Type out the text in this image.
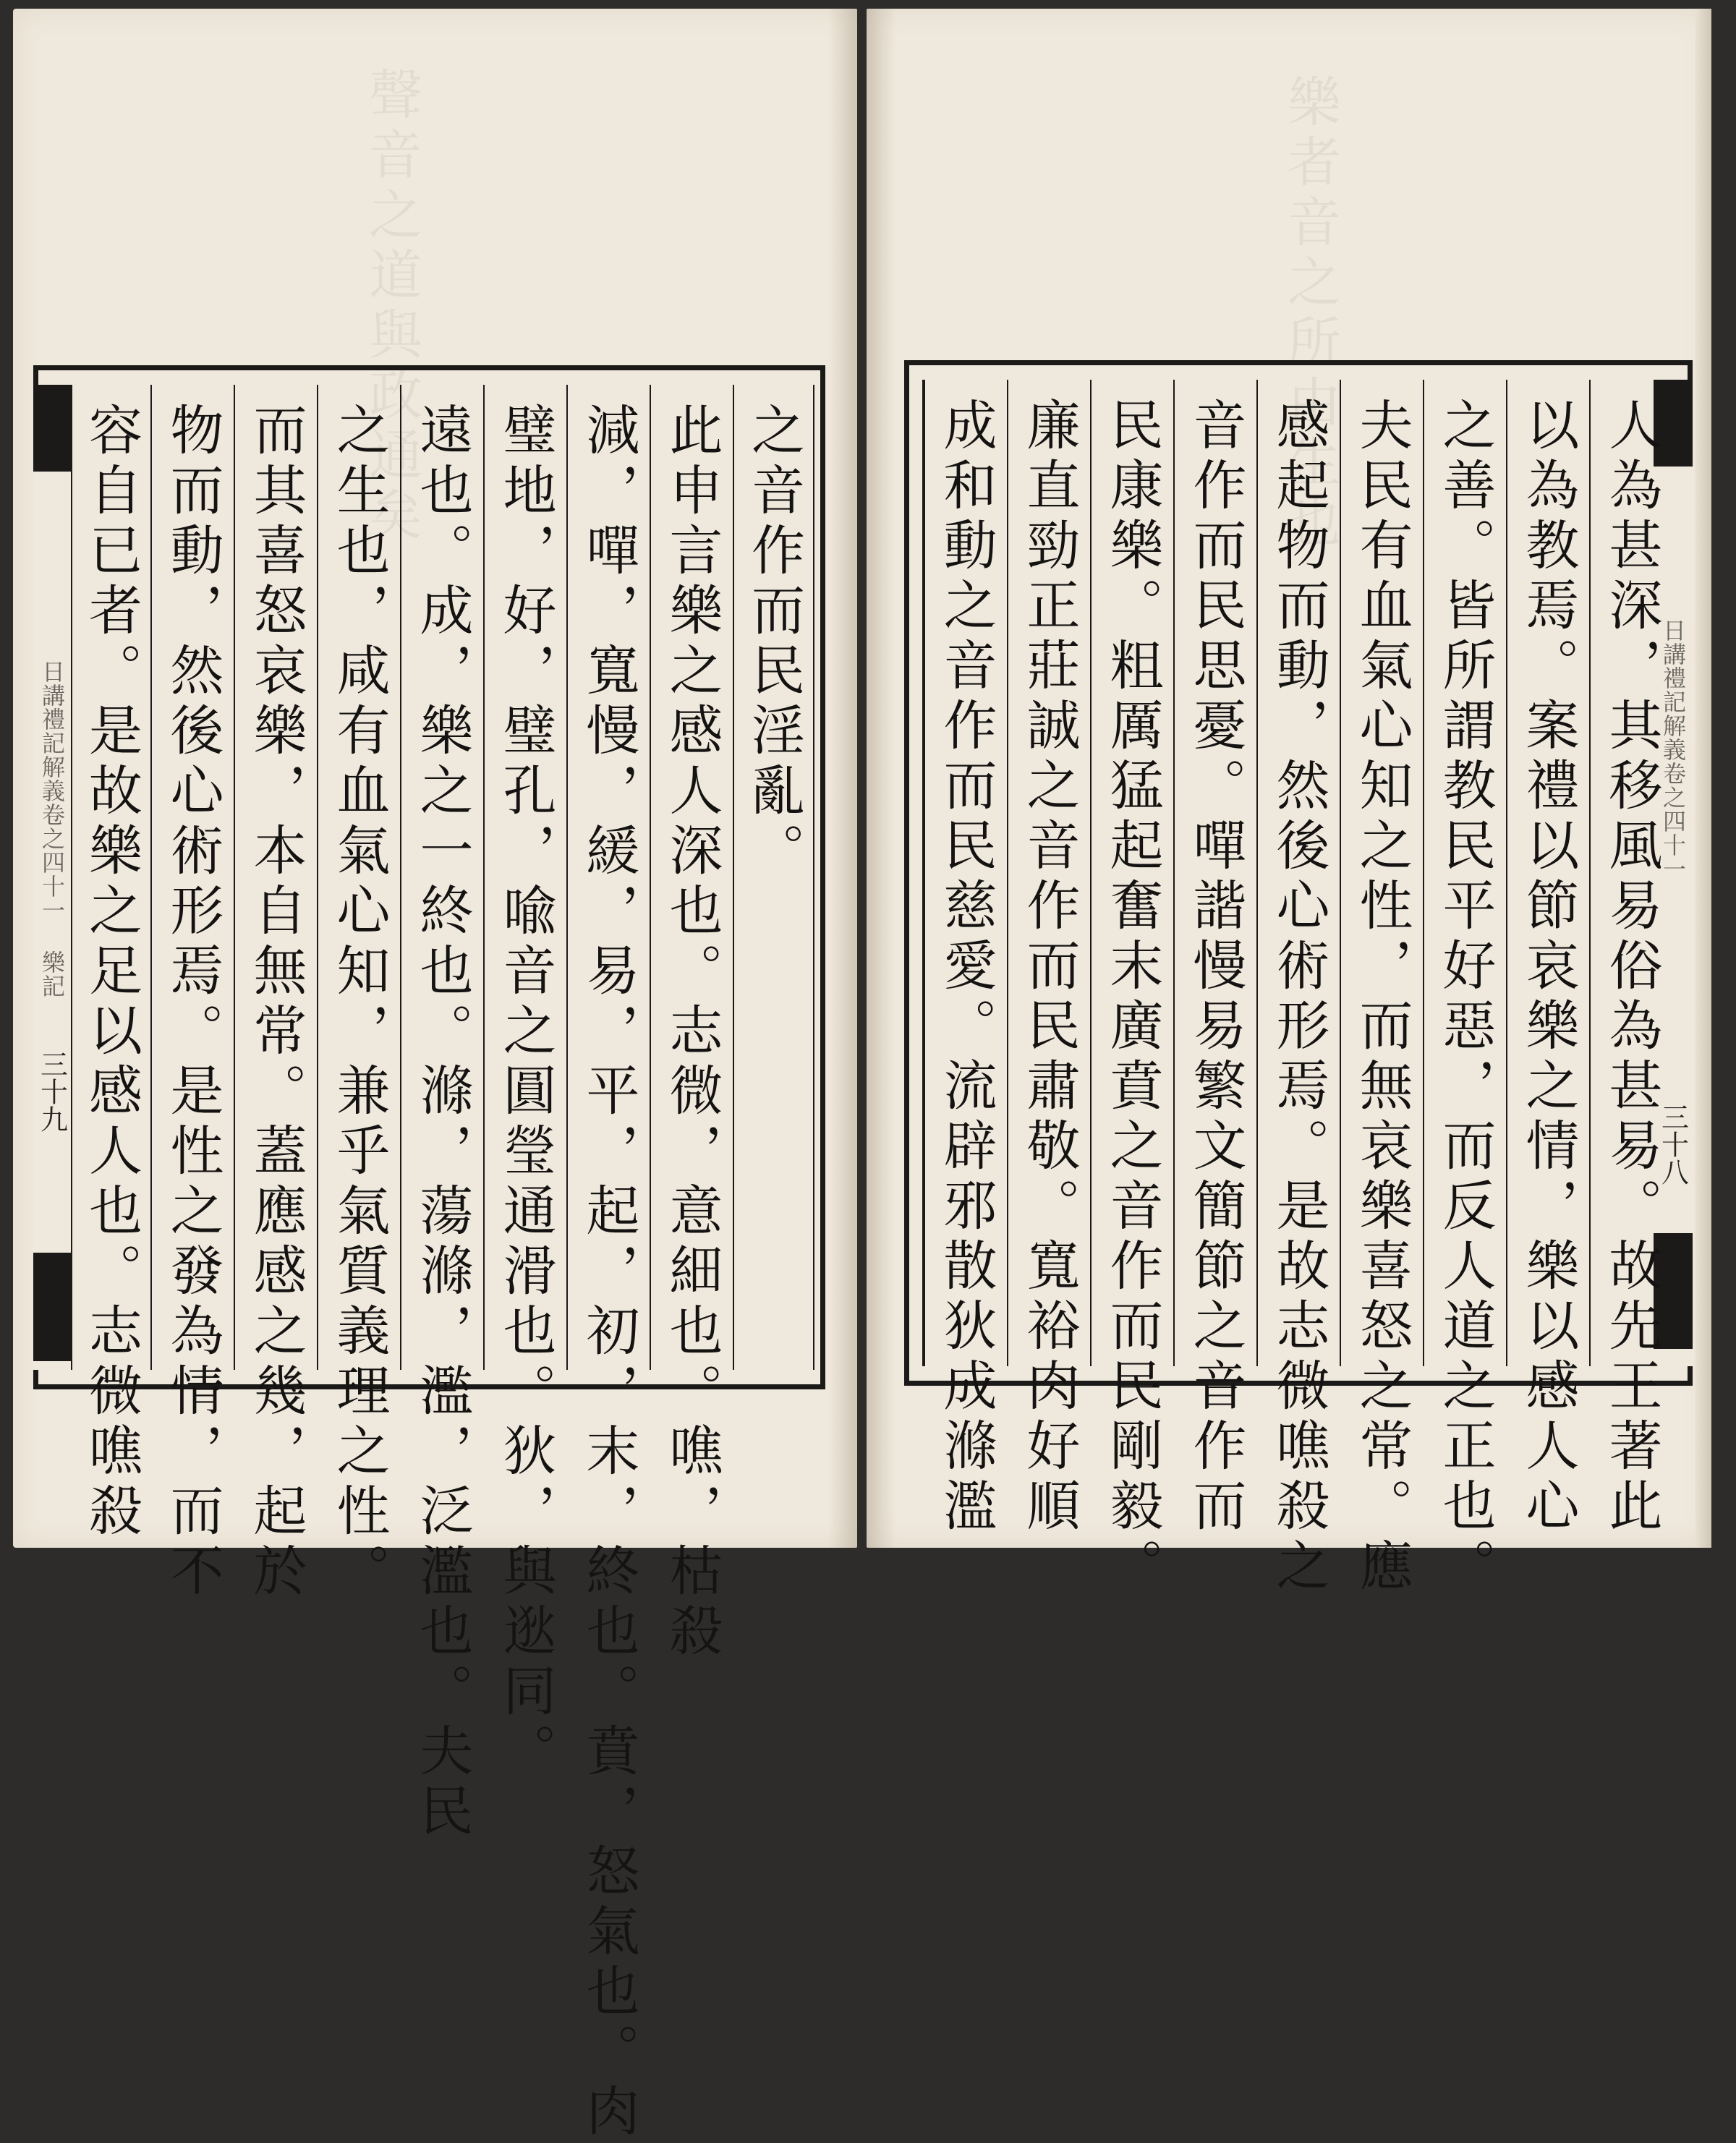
聲音之道與政通矣
日講禮記解義卷之四十一 樂記
三十九
之音作而民淫亂。
此申言樂之感人深也。志微，意細也。噍，枯殺
減，嘽，寬慢，緩，易，平，起，初，末，終也。賁，怒氣也。肉
璧地，好，璧孔，喩音之圓瑩通滑也。狄，與逖同。
遠也。成，樂之一終也。滌，蕩滌，濫，泛濫也。夫民
之生也，咸有血氣心知，兼乎氣質義理之性。
而其喜怒哀樂，本自無常。蓋應感之幾，起於
物而動，然後心術形焉。是性之發為情，而不
容自已者。是故樂之足以感人也。志微噍殺
樂者音之所由生也
日講禮記解義卷之四十一
三十八
人為甚深，其移風易俗為甚易。故先王著此
以為教焉。案禮以節哀樂之情，樂以感人心
之善。皆所謂教民平好惡，而反人道之正也。
夫民有血氣心知之性，而無哀樂喜怒之常。應
感起物而動，然後心術形焉。是故志微噍殺之
音作而民思憂。嘽諧慢易繁文簡節之音作而
民康樂。粗厲猛起奮末廣賁之音作而民剛毅。
廉直勁正莊誠之音作而民肅敬。寬裕肉好順
成和動之音作而民慈愛。流辟邪散狄成滌濫
